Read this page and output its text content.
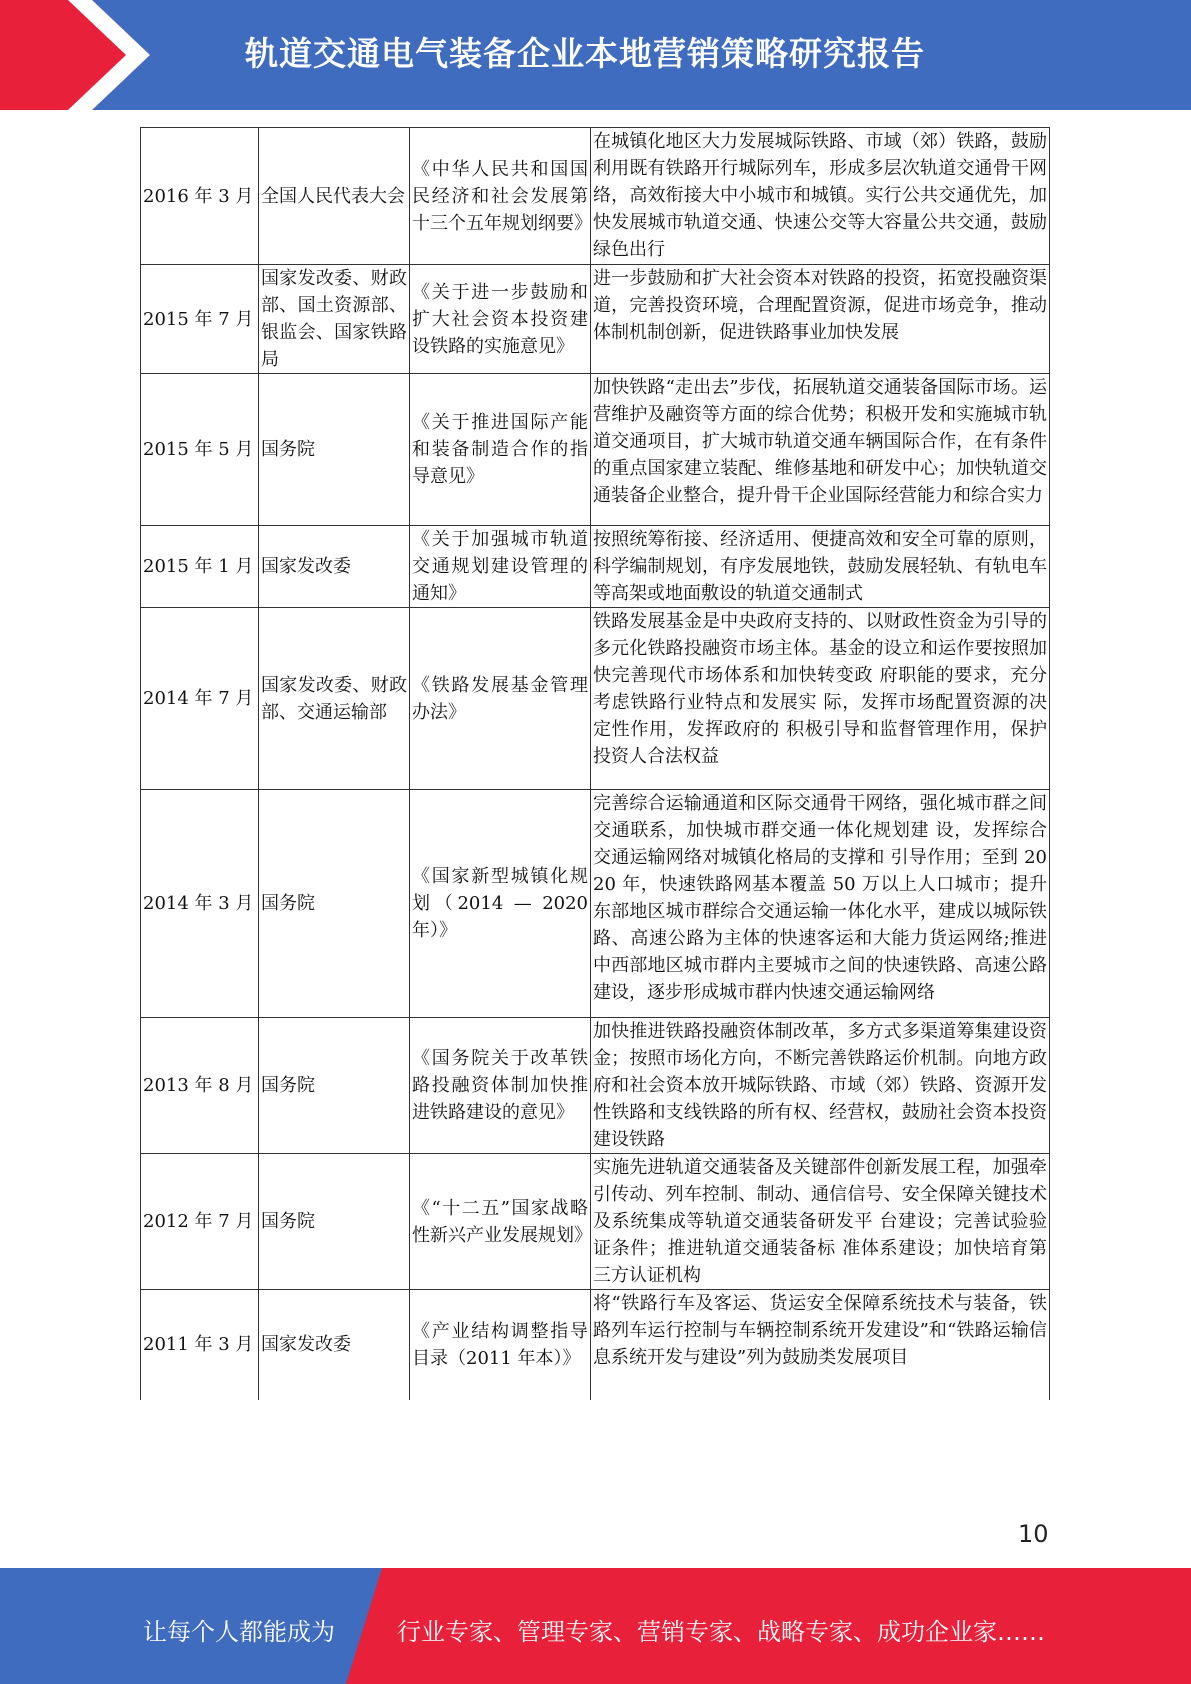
轨道交通电气装备企业本地营销策略研究报告
2016 年 3 月	全国人民代表大会	《中华人民共和国国民经济和社会发展第十三个五年规划纲要》	在城镇化地区大力发展城际铁路、市域（郊）铁路，鼓励利用既有铁路开行城际列车，形成多层次轨道交通骨干网络，高效衔接大中小城市和城镇。实行公共交通优先，加快发展城市轨道交通、快速公交等大容量公共交通，鼓励绿色出行
2015 年 7 月	国家发改委、财政部、国土资源部、银监会、国家铁路局	《关于进一步鼓励和扩大社会资本投资建设铁路的实施意见》	进一步鼓励和扩大社会资本对铁路的投资，拓宽投融资渠道，完善投资环境，合理配置资源，促进市场竞争，推动体制机制创新，促进铁路事业加快发展
2015 年 5 月	国务院	《关于推进国际产能和装备制造合作的指导意见》	加快铁路“走出去”步伐，拓展轨道交通装备国际市场。运营维护及融资等方面的综合优势；积极开发和实施城市轨道交通项目，扩大城市轨道交通车辆国际合作，在有条件的重点国家建立装配、维修基地和研发中心；加快轨道交通装备企业整合，提升骨干企业国际经营能力和综合实力
2015 年 1 月	国家发改委	《关于加强城市轨道交通规划建设管理的通知》	按照统筹衔接、经济适用、便捷高效和安全可靠的原则，科学编制规划，有序发展地铁，鼓励发展轻轨、有轨电车等高架或地面敷设的轨道交通制式
2014 年 7 月	国家发改委、财政部、交通运输部	《铁路发展基金管理办法》	铁路发展基金是中央政府支持的、以财政性资金为引导的多元化铁路投融资市场主体。基金的设立和运作要按照加快完善现代市场体系和加快转变政 府职能的要求，充分考虑铁路行业特点和发展实 际，发挥市场配置资源的决定性作用，发挥政府的 积极引导和监督管理作用，保护投资人合法权益
2014 年 3 月	国务院	《国家新型城镇化规划（2014 — 2020 年）》	完善综合运输通道和区际交通骨干网络，强化城市群之间交通联系，加快城市群交通一体化规划建 设，发挥综合交通运输网络对城镇化格局的支撑和 引导作用；至到 2020 年，快速铁路网基本覆盖 50 万以上人口城市；提升东部地区城市群综合交通运输一体化水平，建成以城际铁路、高速公路为主体的快速客运和大能力货运网络;推进中西部地区城市群内主要城市之间的快速铁路、高速公路建设，逐步形成城市群内快速交通运输网络
2013 年 8 月	国务院	《国务院关于改革铁路投融资体制加快推进铁路建设的意见》	加快推进铁路投融资体制改革，多方式多渠道筹集建设资金；按照市场化方向，不断完善铁路运价机制。向地方政府和社会资本放开城际铁路、市域（郊）铁路、资源开发性铁路和支线铁路的所有权、经营权，鼓励社会资本投资建设铁路
2012 年 7 月	国务院	《“十二五”国家战略性新兴产业发展规划》	实施先进轨道交通装备及关键部件创新发展工程，加强牵引传动、列车控制、制动、通信信号、安全保障关键技术及系统集成等轨道交通装备研发平 台建设；完善试验验证条件；推进轨道交通装备标 准体系建设；加快培育第三方认证机构
2011 年 3 月	国家发改委	《产业结构调整指导目录（2011 年本）》	将“铁路行车及客运、货运安全保障系统技术与装备，铁路列车运行控制与车辆控制系统开发建设”和“铁路运输信息系统开发与建设”列为鼓励类发展项目
10
让每个人都能成为	行业专家、管理专家、营销专家、战略专家、成功企业家……
